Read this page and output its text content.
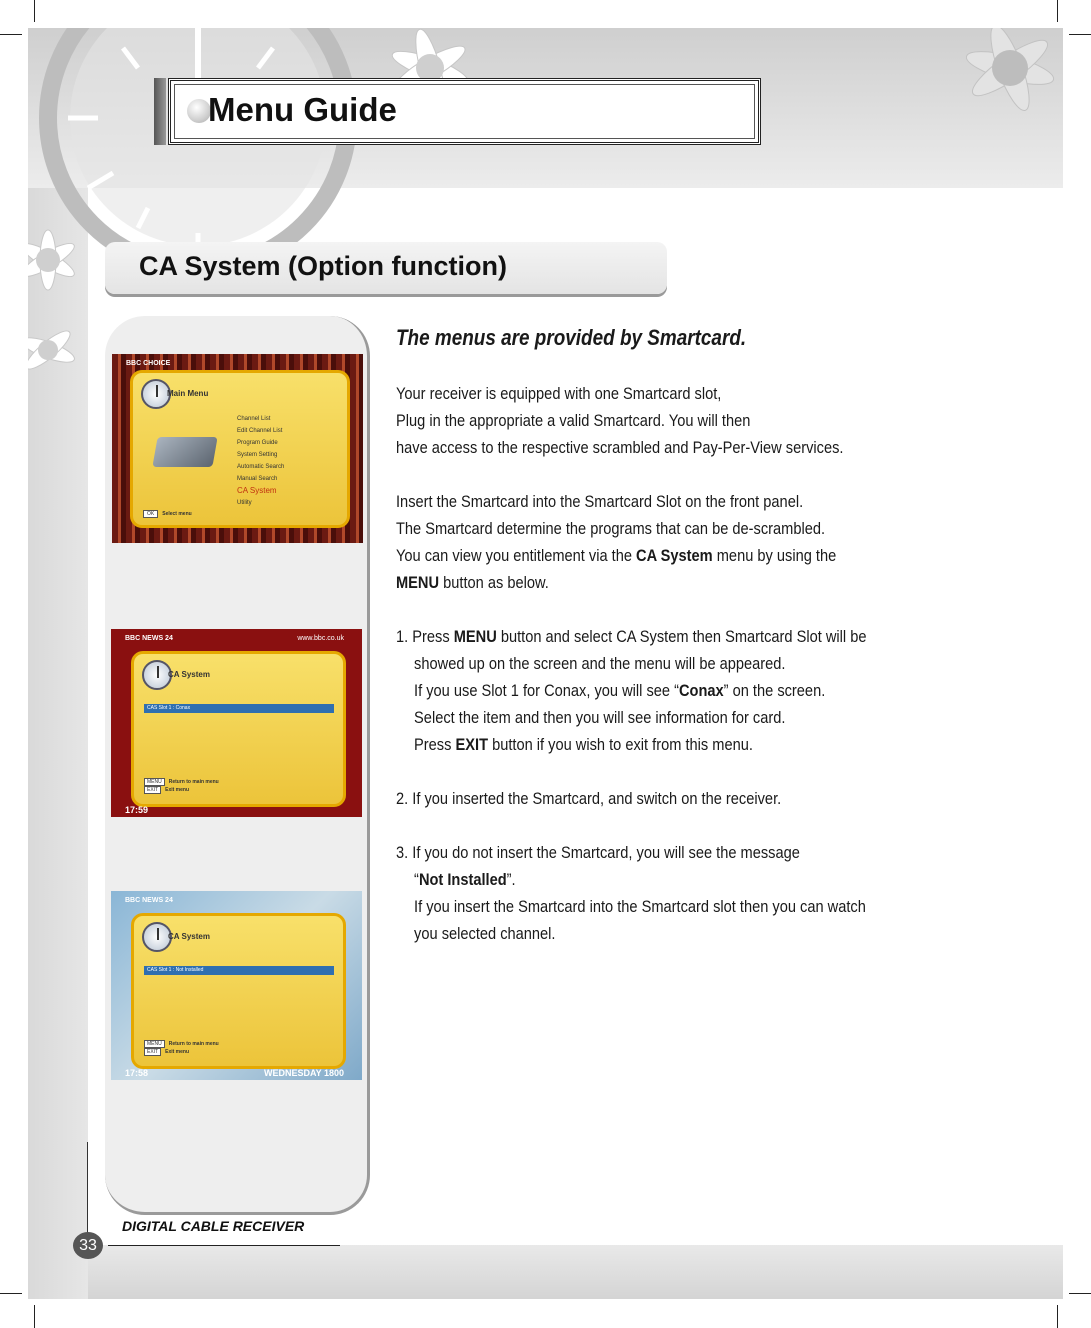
Menu Guide
CA System (Option function)
BBC CHOICE
Main Menu
Channel List
Edit Channel List
Program Guide
System Setting
Automatic Search
Manual Search
CA System
Utility
OK Select menu
BBC NEWS 24	www.bbc.co.uk
CA System
CAS Slot 1 : Conax
MENU Return to main menu
EXIT Exit menu
17:59
BBC NEWS 24
CA System
CAS Slot 1 : Not Installed
MENU Return to main menu
EXIT Exit menu
17:58	WEDNESDAY 1800
The menus are provided by Smartcard.

Your receiver is equipped with one Smartcard slot,
Plug in the appropriate a valid Smartcard. You will then
have access to the respective scrambled and Pay-Per-View services.

Insert the Smartcard into the Smartcard Slot on the front panel.
The Smartcard determine the programs that can be de-scrambled.
You can view you entitlement via the CA System menu by using the
MENU button as below.

1. Press MENU button and select CA System then Smartcard Slot will be
showed up on the screen and the menu will be appeared.
If you use Slot 1 for Conax, you will see “Conax” on the screen.
Select the item and then you will see information for card.
Press EXIT button if you wish to exit from this menu.

2. If you inserted the Smartcard, and switch on the receiver.

3. If you do not insert the Smartcard, you will see the message
“Not Installed”.
If you insert the Smartcard into the Smartcard slot then you can watch
you selected channel.

DIGITAL CABLE RECEIVER
33
